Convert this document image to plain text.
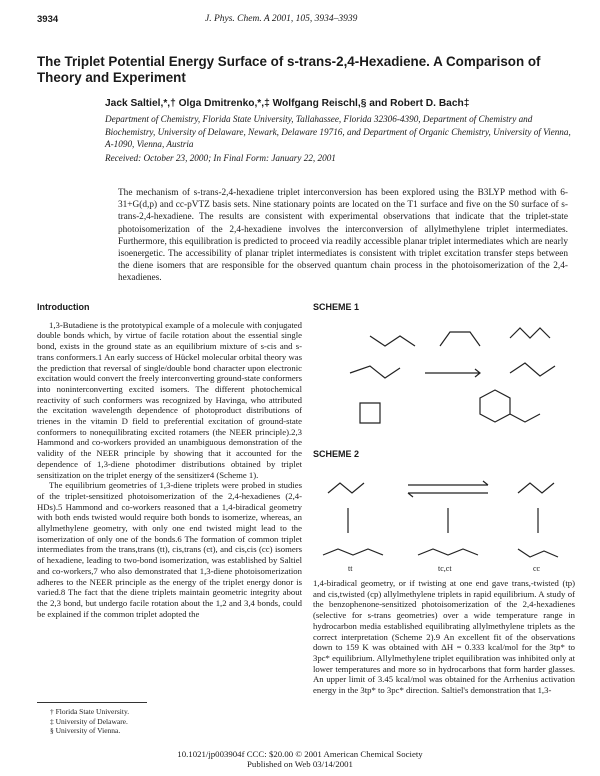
3934	J. Phys. Chem. A 2001, 105, 3934–3939
The Triplet Potential Energy Surface of s-trans-2,4-Hexadiene. A Comparison of Theory and Experiment
Jack Saltiel,*,† Olga Dmitrenko,*,‡ Wolfgang Reischl,§ and Robert D. Bach‡
Department of Chemistry, Florida State University, Tallahassee, Florida 32306-4390, Department of Chemistry and Biochemistry, University of Delaware, Newark, Delaware 19716, and Department of Organic Chemistry, University of Vienna, A-1090, Vienna, Austria
Received: October 23, 2000; In Final Form: January 22, 2001
The mechanism of s-trans-2,4-hexadiene triplet interconversion has been explored using the B3LYP method with 6-31+G(d,p) and cc-pVTZ basis sets. Nine stationary points are located on the T1 surface and five on the S0 surface of s-trans-2,4-hexadiene. The results are consistent with experimental observations that indicate that the triplet-state photoisomerization of the 2,4-hexadiene involves the interconversion of allylmethylene triplet intermediates. Furthermore, this equilibration is predicted to proceed via readily accessible planar triplet intermediates which are nearly isoenergetic. The accessibility of planar triplet intermediates is consistent with triplet excitation transfer steps between the diene isomers that are responsible for the observed quantum chain process in the photoisomerization of the 2,4-hexadienes.
Introduction

1,3-Butadiene is the prototypical example of a molecule with conjugated double bonds which, by virtue of facile rotation about the essential single bond, exists in the ground state as an equilibrium mixture of s-cis and s-trans conformers.1 An early success of Hückel molecular orbital theory was the prediction that reversal of single/double bond character upon electronic excitation would convert the freely interconverting ground-state conformers into noninterconverting excited isomers. The different photochemical reactivity of such conformers was recognized by Havinga, who attributed the excitation wavelength dependence of photoproduct distributions of trienes in the vitamin D field to preferential excitation of ground-state conformers to nonequilibrating excited rotamers (the NEER principle).2,3 Hammond and co-workers provided an unambiguous demonstration of the validity of the NEER principle by showing that it accounted for the dependence of 1,3-diene photodimer distributions obtained by triplet sensitization on the triplet energy of the sensitizer4 (Scheme 1).

The equilibrium geometries of 1,3-diene triplets were probed in studies of the triplet-sensitized photoisomerization of the 2,4-hexadienes (2,4-HDs).5 Hammond and co-workers reasoned that a 1,4-biradical geometry with both ends twisted would require both bonds to isomerize, whereas, an allylmethylene geometry, with only one end twisted might lead to the isomerization of only one of the bonds.6 The formation of common triplet intermediates from the trans,trans (tt), cis,trans (ct), and cis,cis (cc) isomers of hexadiene, leading to two-bond isomerization, was established by Saltiel and co-workers,7 who also demonstrated that 1,3-diene photoisomerization adheres to the NEER principle as the energy of the triplet energy donor is varied.8 The fact that the diene triplets maintain geometric integrity about the 2,3 bond, but undergo facile rotation about the 1,2 and 3,4 bonds, could be explained if the common triplet adopted the

SCHEME 1
SCHEME 2
tt	tc,ct	cc

1,4-biradical geometry, or if twisting at one end gave trans,-twisted (tp) and cis,twisted (cp) allylmethylene triplets in rapid equilibrium. A study of the benzophenone-sensitized photoisomerization of the 2,4-hexadienes (selective for s-trans geometries) over a wide temperature range in hydrocarbon media established equilibrating allylmethylene triplets as the correct interpretation (Scheme 2).9 An excellent fit of the observations down to 159 K was obtained with ΔH = 0.333 kcal/mol for the 3tp* to 3pc* equilibrium. Allylmethylene triplet equilibration was inhibited only at lower temperatures and more so in hydrocarbons that form harder glasses. An upper limit of 3.45 kcal/mol was obtained for the Arrhenius activation energy in the 3tp* to 3pc* direction. Saltiel's demonstration that 1,3-

† Florida State University.
‡ University of Delaware.
§ University of Vienna.
10.1021/jp003904f CCC: $20.00 © 2001 American Chemical Society
Published on Web 03/14/2001
